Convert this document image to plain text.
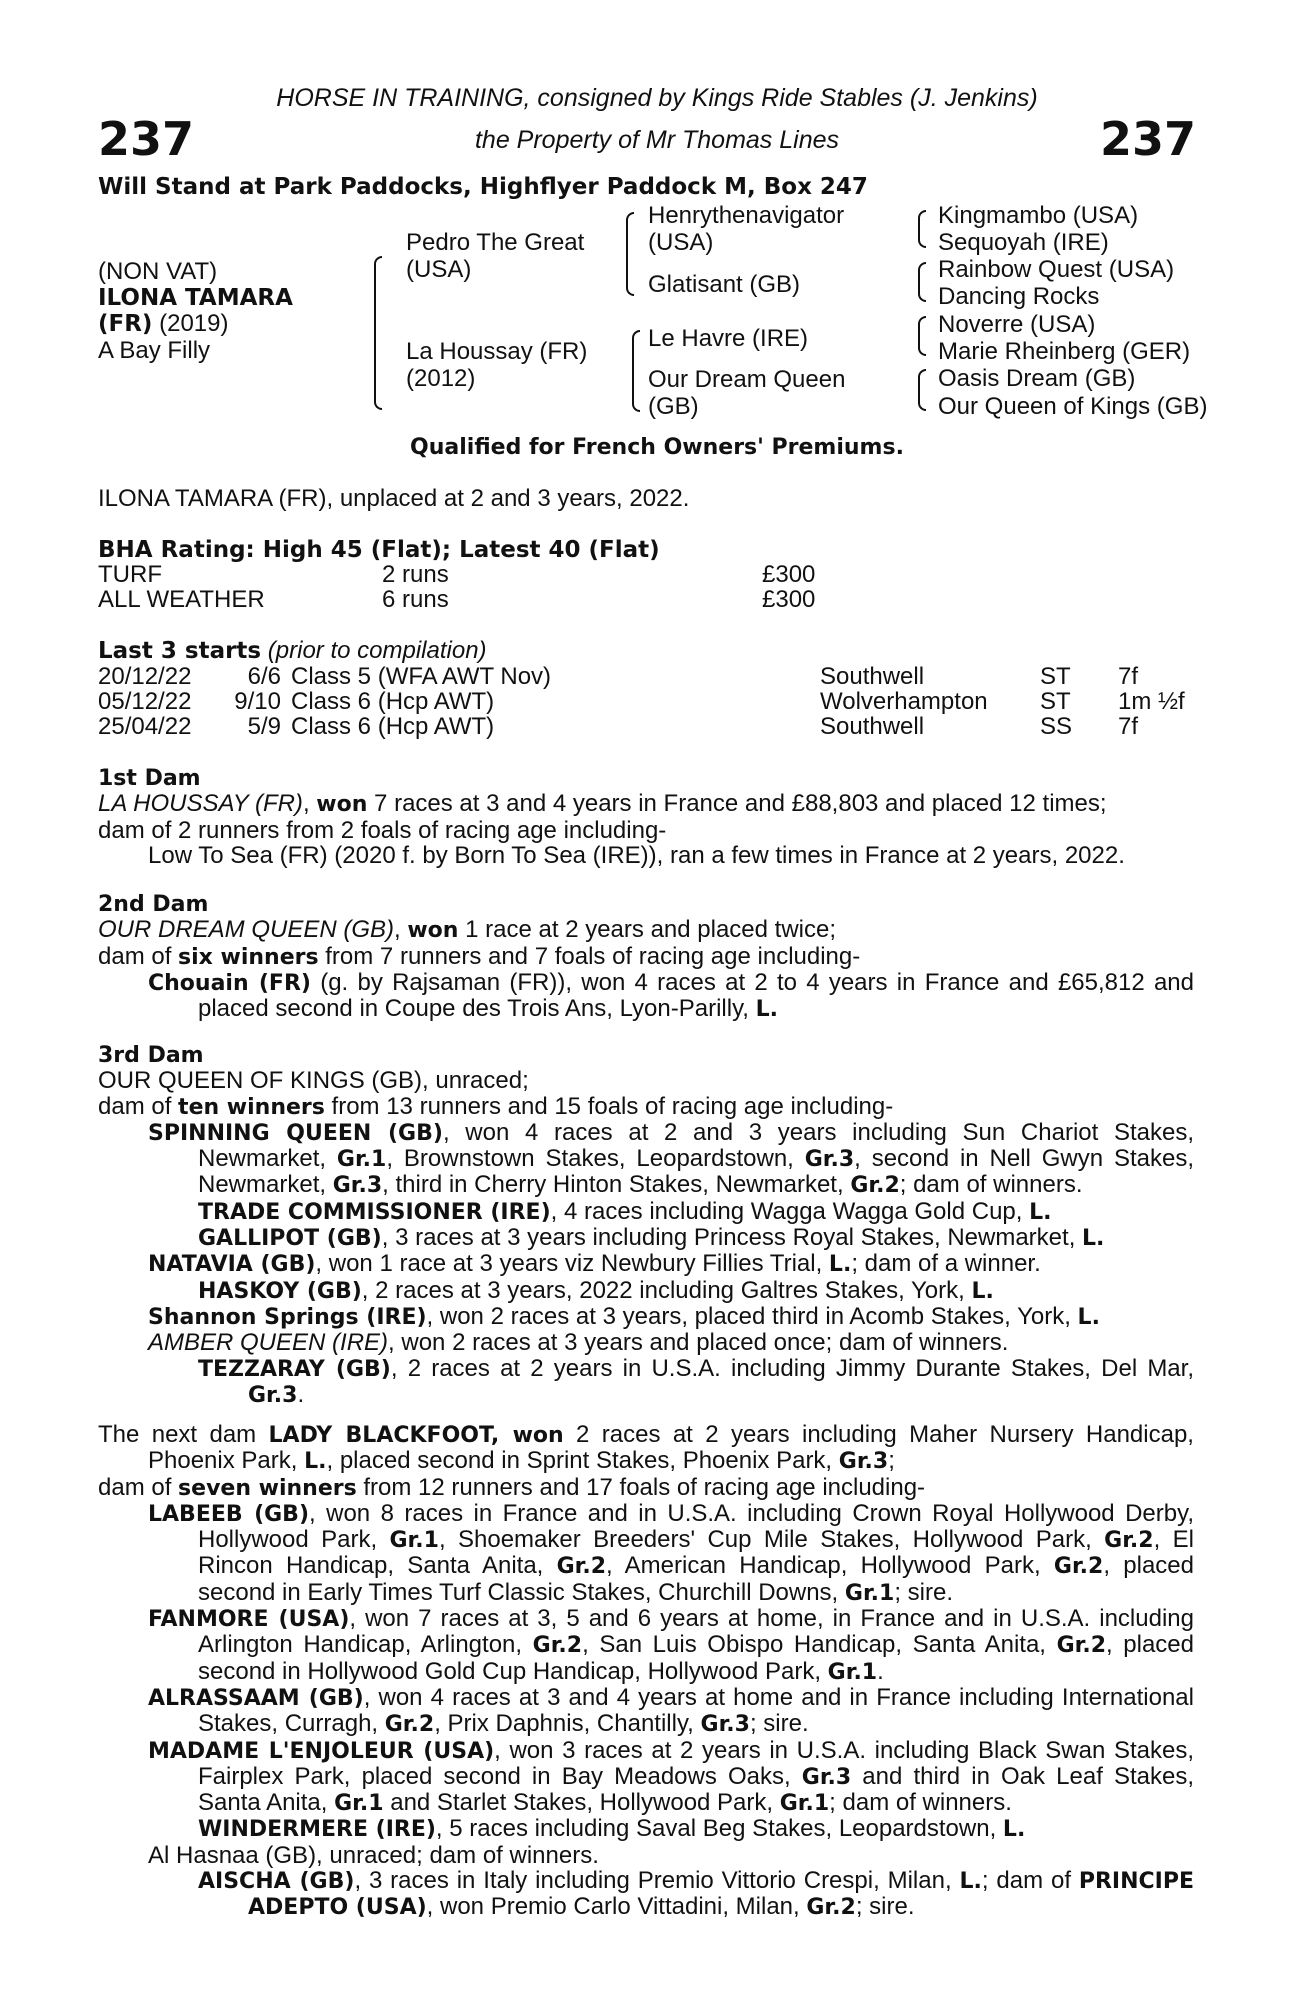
237	237
HORSE IN TRAINING, consigned by Kings Ride Stables (J. Jenkins)
the Property of Mr Thomas Lines
Will Stand at Park Paddocks, Highflyer Paddock M, Box 247
(NON VAT)
ILONA TAMARA
(FR) (2019)
A Bay Filly
Pedro The Great
(USA)
La Houssay (FR)
(2012)
Henrythenavigator
(USA)
Glatisant (GB)
Le Havre (IRE)
Our Dream Queen
(GB)
Kingmambo (USA)
Sequoyah (IRE)
Rainbow Quest (USA)
Dancing Rocks
Noverre (USA)
Marie Rheinberg (GER)
Oasis Dream (GB)
Our Queen of Kings (GB)
Qualified for French Owners' Premiums.
ILONA TAMARA (FR), unplaced at 2 and 3 years, 2022.
BHA Rating: High 45 (Flat); Latest 40 (Flat)
TURF	2 runs	£300
ALL WEATHER	6 runs	£300
Last 3 starts (prior to compilation)
20/12/22	6/6 Class 5 (WFA AWT Nov)	Southwell	ST 7f
05/12/22	9/10 Class 6 (Hcp AWT)	Wolverhampton ST 1m ½f
25/04/22	5/9 Class 6 (Hcp AWT)	Southwell	SS 7f

1st Dam

LA HOUSSAY (FR), won 7 races at 3 and 4 years in France and £88,803 and placed 12 times;

dam of 2 runners from 2 foals of racing age including-

Low To Sea (FR) (2020 f. by Born To Sea (IRE)), ran a few times in France at 2 years, 2022.

2nd Dam

OUR DREAM QUEEN (GB), won 1 race at 2 years and placed twice;

dam of six winners from 7 runners and 7 foals of racing age including-

Chouain (FR) (g. by Rajsaman (FR)), won 4 races at 2 to 4 years in France and £65,812 and placed second in Coupe des Trois Ans, Lyon-Parilly, L.

3rd Dam

OUR QUEEN OF KINGS (GB), unraced;

dam of ten winners from 13 runners and 15 foals of racing age including-

SPINNING QUEEN (GB), won 4 races at 2 and 3 years including Sun Chariot Stakes, Newmarket, Gr.1, Brownstown Stakes, Leopardstown, Gr.3, second in Nell Gwyn Stakes, Newmarket, Gr.3, third in Cherry Hinton Stakes, Newmarket, Gr.2; dam of winners.

TRADE COMMISSIONER (IRE), 4 races including Wagga Wagga Gold Cup, L.

GALLIPOT (GB), 3 races at 3 years including Princess Royal Stakes, Newmarket, L.

NATAVIA (GB), won 1 race at 3 years viz Newbury Fillies Trial, L.; dam of a winner.

HASKOY (GB), 2 races at 3 years, 2022 including Galtres Stakes, York, L.

Shannon Springs (IRE), won 2 races at 3 years, placed third in Acomb Stakes, York, L.

AMBER QUEEN (IRE), won 2 races at 3 years and placed once; dam of winners.

TEZZARAY (GB), 2 races at 2 years in U.S.A. including Jimmy Durante Stakes, Del Mar, Gr.3.

The next dam LADY BLACKFOOT, won 2 races at 2 years including Maher Nursery Handicap, Phoenix Park, L., placed second in Sprint Stakes, Phoenix Park, Gr.3;

dam of seven winners from 12 runners and 17 foals of racing age including-

LABEEB (GB), won 8 races in France and in U.S.A. including Crown Royal Hollywood Derby, Hollywood Park, Gr.1, Shoemaker Breeders' Cup Mile Stakes, Hollywood Park, Gr.2, El Rincon Handicap, Santa Anita, Gr.2, American Handicap, Hollywood Park, Gr.2, placed second in Early Times Turf Classic Stakes, Churchill Downs, Gr.1; sire.

FANMORE (USA), won 7 races at 3, 5 and 6 years at home, in France and in U.S.A. including Arlington Handicap, Arlington, Gr.2, San Luis Obispo Handicap, Santa Anita, Gr.2, placed second in Hollywood Gold Cup Handicap, Hollywood Park, Gr.1.

ALRASSAAM (GB), won 4 races at 3 and 4 years at home and in France including International Stakes, Curragh, Gr.2, Prix Daphnis, Chantilly, Gr.3; sire.

MADAME L'ENJOLEUR (USA), won 3 races at 2 years in U.S.A. including Black Swan Stakes, Fairplex Park, placed second in Bay Meadows Oaks, Gr.3 and third in Oak Leaf Stakes, Santa Anita, Gr.1 and Starlet Stakes, Hollywood Park, Gr.1; dam of winners.

WINDERMERE (IRE), 5 races including Saval Beg Stakes, Leopardstown, L.

Al Hasnaa (GB), unraced; dam of winners.

AISCHA (GB), 3 races in Italy including Premio Vittorio Crespi, Milan, L.; dam of PRINCIPE ADEPTO (USA), won Premio Carlo Vittadini, Milan, Gr.2; sire.
